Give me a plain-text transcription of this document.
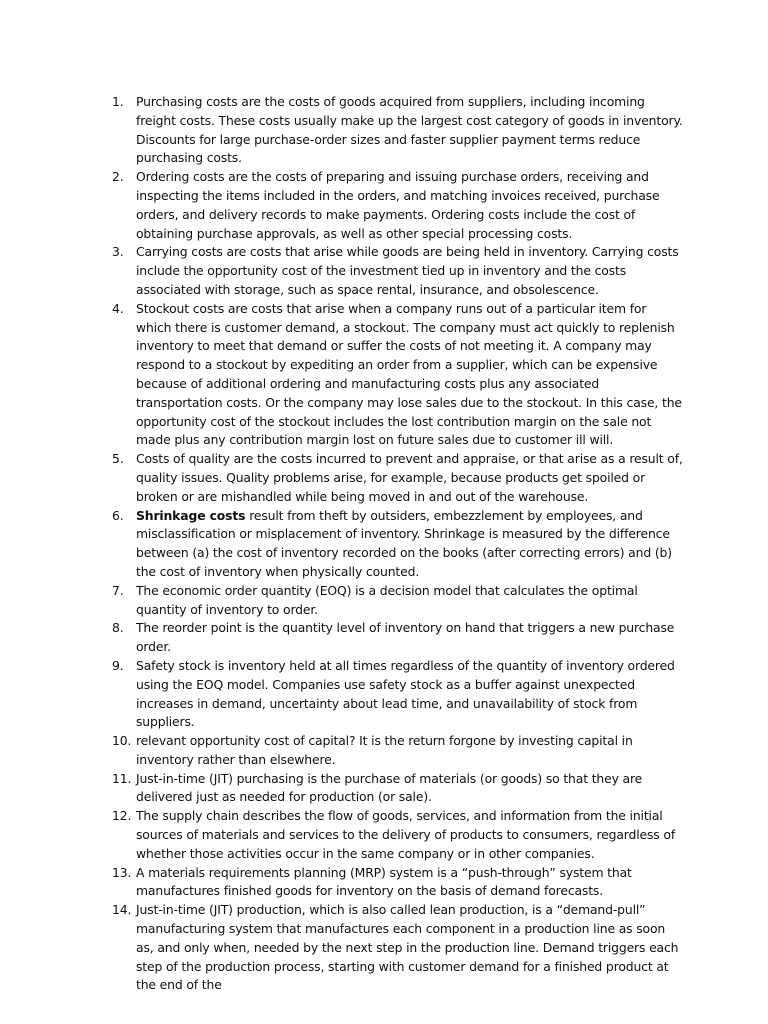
1. Purchasing costs are the costs of goods acquired from suppliers, including incoming freight costs. These costs usually make up the largest cost category of goods in inventory. Discounts for large purchase-order sizes and faster supplier payment terms reduce purchasing costs.
2. Ordering costs are the costs of preparing and issuing purchase orders, receiving and inspecting the items included in the orders, and matching invoices received, purchase orders, and delivery records to make payments. Ordering costs include the cost of obtaining purchase approvals, as well as other special processing costs.
3. Carrying costs are costs that arise while goods are being held in inventory. Carrying costs include the opportunity cost of the investment tied up in inventory and the costs associated with storage, such as space rental, insurance, and obsolescence.
4. Stockout costs are costs that arise when a company runs out of a particular item for which there is customer demand, a stockout. The company must act quickly to replenish inventory to meet that demand or suffer the costs of not meeting it. A company may respond to a stockout by expediting an order from a supplier, which can be expensive because of additional ordering and manufacturing costs plus any associated transportation costs. Or the company may lose sales due to the stockout. In this case, the opportunity cost of the stockout includes the lost contribution margin on the sale not made plus any contribution margin lost on future sales due to customer ill will.
5. Costs of quality are the costs incurred to prevent and appraise, or that arise as a result of, quality issues. Quality problems arise, for example, because products get spoiled or broken or are mishandled while being moved in and out of the warehouse.
6. Shrinkage costs result from theft by outsiders, embezzlement by employees, and misclassification or misplacement of inventory. Shrinkage is measured by the difference between (a) the cost of inventory recorded on the books (after correcting errors) and (b) the cost of inventory when physically counted.
7. The economic order quantity (EOQ) is a decision model that calculates the optimal quantity of inventory to order.
8. The reorder point is the quantity level of inventory on hand that triggers a new purchase order.
9. Safety stock is inventory held at all times regardless of the quantity of inventory ordered using the EOQ model. Companies use safety stock as a buffer against unexpected increases in demand, uncertainty about lead time, and unavailability of stock from suppliers.
10. relevant opportunity cost of capital? It is the return forgone by investing capital in inventory rather than elsewhere.
11. Just-in-time (JIT) purchasing is the purchase of materials (or goods) so that they are delivered just as needed for production (or sale).
12. The supply chain describes the flow of goods, services, and information from the initial sources of materials and services to the delivery of products to consumers, regardless of whether those activities occur in the same company or in other companies.
13. A materials requirements planning (MRP) system is a “push-through” system that manufactures finished goods for inventory on the basis of demand forecasts.
14. Just-in-time (JIT) production, which is also called lean production, is a “demand-pull” manufacturing system that manufactures each component in a production line as soon as, and only when, needed by the next step in the production line. Demand triggers each step of the production process, starting with customer demand for a finished product at the end of the
